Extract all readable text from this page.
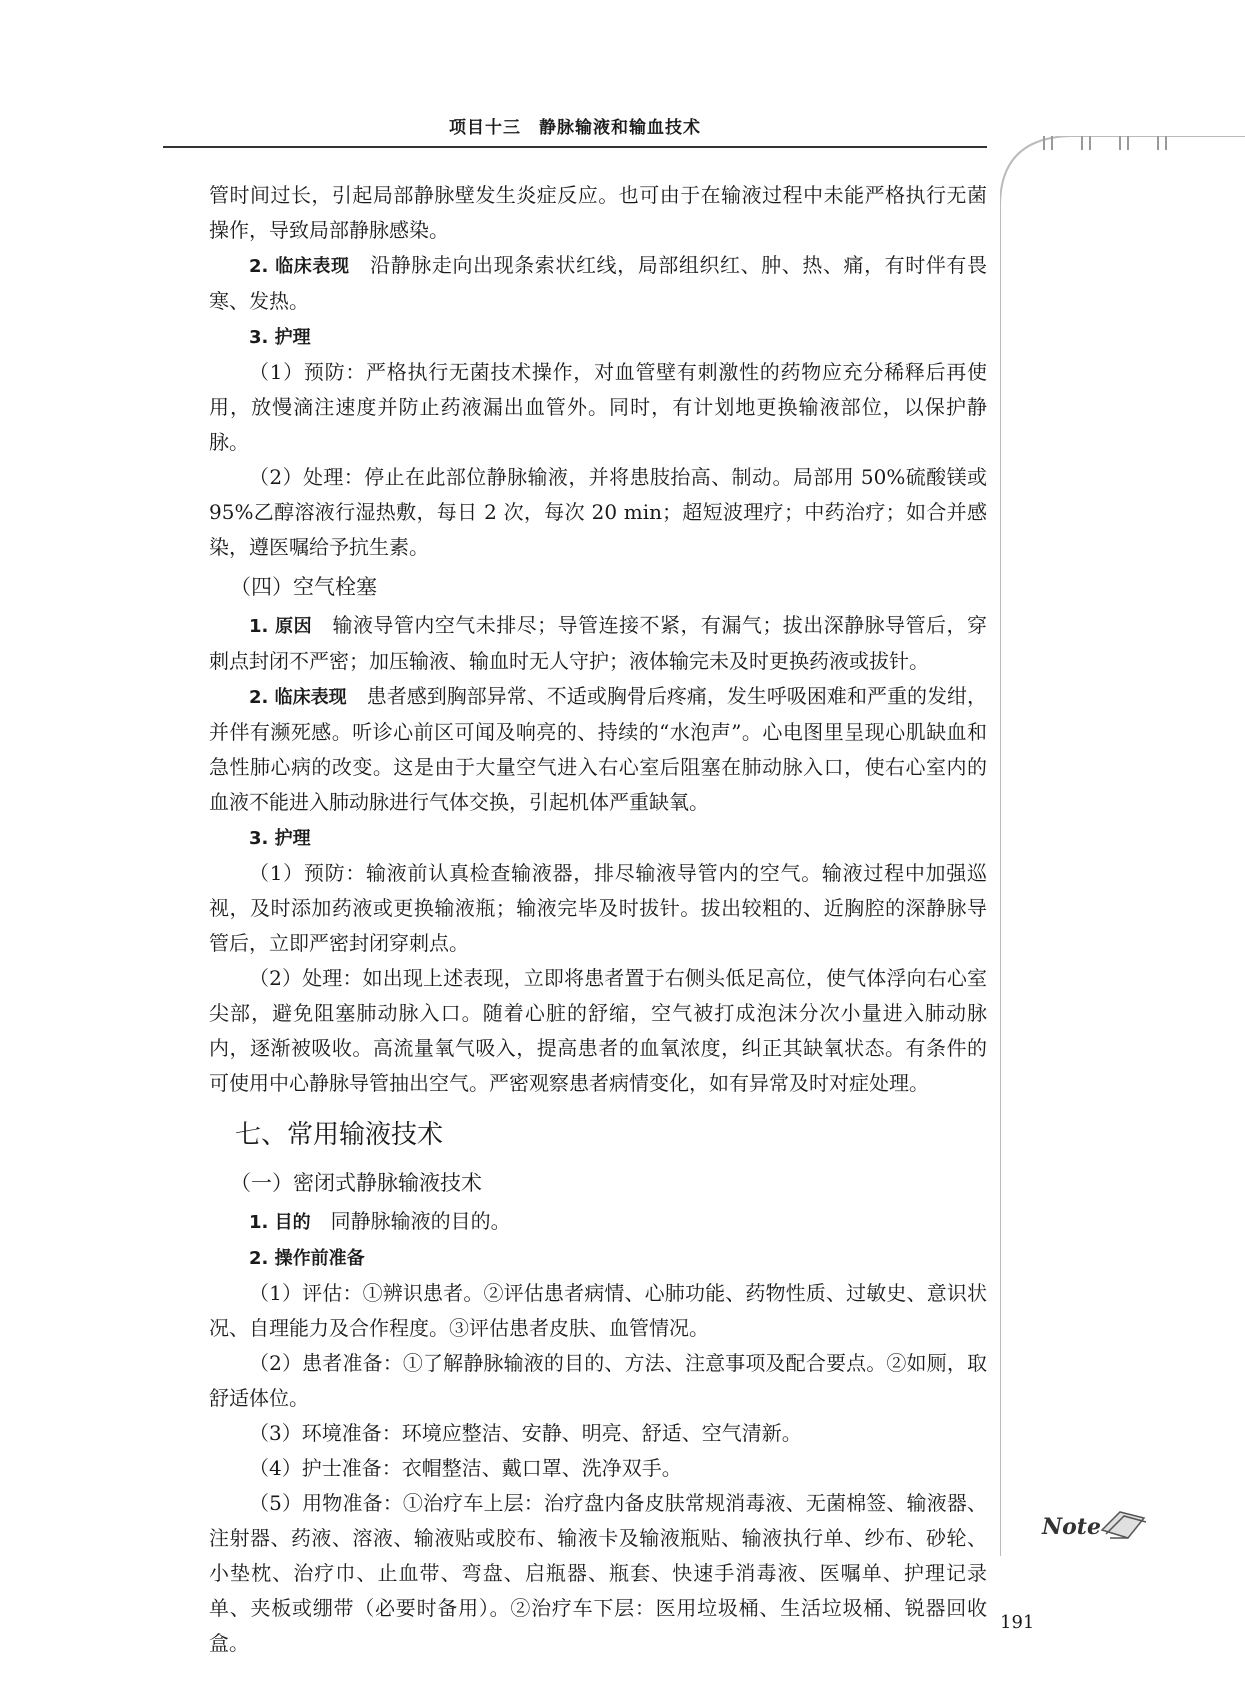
项目十三　静脉输液和输血技术

管时间过长，引起局部静脉壁发生炎症反应。也可由于在输液过程中未能严格执行无菌操作，导致局部静脉感染。

2. 临床表现　 沿静脉走向出现条索状红线，局部组织红、肿、热、痛，有时伴有畏寒、发热。

3. 护理

（1）预防：严格执行无菌技术操作，对血管壁有刺激性的药物应充分稀释后再使用，放慢滴注速度并防止药液漏出血管外。同时，有计划地更换输液部位，以保护静脉。

（2）处理：停止在此部位静脉输液，并将患肢抬高、制动。局部用 50%硫酸镁或 95%乙醇溶液行湿热敷，每日 2 次，每次 20 min；超短波理疗；中药治疗；如合并感染，遵医嘱给予抗生素。

（四）空气栓塞

1. 原因　 输液导管内空气未排尽；导管连接不紧，有漏气；拔出深静脉导管后，穿刺点封闭不严密；加压输液、输血时无人守护；液体输完未及时更换药液或拔针。

2. 临床表现　 患者感到胸部异常、不适或胸骨后疼痛，发生呼吸困难和严重的发绀，并伴有濒死感。听诊心前区可闻及响亮的、持续的“水泡声”。心电图里呈现心肌缺血和急性肺心病的改变。这是由于大量空气进入右心室后阻塞在肺动脉入口，使右心室内的血液不能进入肺动脉进行气体交换，引起机体严重缺氧。

3. 护理

（1）预防：输液前认真检查输液器，排尽输液导管内的空气。输液过程中加强巡视，及时添加药液或更换输液瓶；输液完毕及时拔针。拔出较粗的、近胸腔的深静脉导管后，立即严密封闭穿刺点。

（2）处理：如出现上述表现，立即将患者置于右侧头低足高位，使气体浮向右心室尖部，避免阻塞肺动脉入口。随着心脏的舒缩，空气被打成泡沫分次小量进入肺动脉内，逐渐被吸收。高流量氧气吸入，提高患者的血氧浓度，纠正其缺氧状态。有条件的可使用中心静脉导管抽出空气。严密观察患者病情变化，如有异常及时对症处理。

七、常用输液技术
（一）密闭式静脉输液技术

1. 目的　 同静脉输液的目的。

2. 操作前准备

（1）评估：①辨识患者。②评估患者病情、心肺功能、药物性质、过敏史、意识状况、自理能力及合作程度。③评估患者皮肤、血管情况。

（2）患者准备：①了解静脉输液的目的、方法、注意事项及配合要点。②如厕，取舒适体位。

（3）环境准备：环境应整洁、安静、明亮、舒适、空气清新。

（4）护士准备：衣帽整洁、戴口罩、洗净双手。

（5）用物准备：①治疗车上层：治疗盘内备皮肤常规消毒液、无菌棉签、输液器、注射器、药液、溶液、输液贴或胶布、输液卡及输液瓶贴、输液执行单、纱布、砂轮、小垫枕、治疗巾、止血带、弯盘、启瓶器、瓶套、快速手消毒液、医嘱单、护理记录单、夹板或绷带（必要时备用）。②治疗车下层：医用垃圾桶、生活垃圾桶、锐器回收盒。

Note
191
